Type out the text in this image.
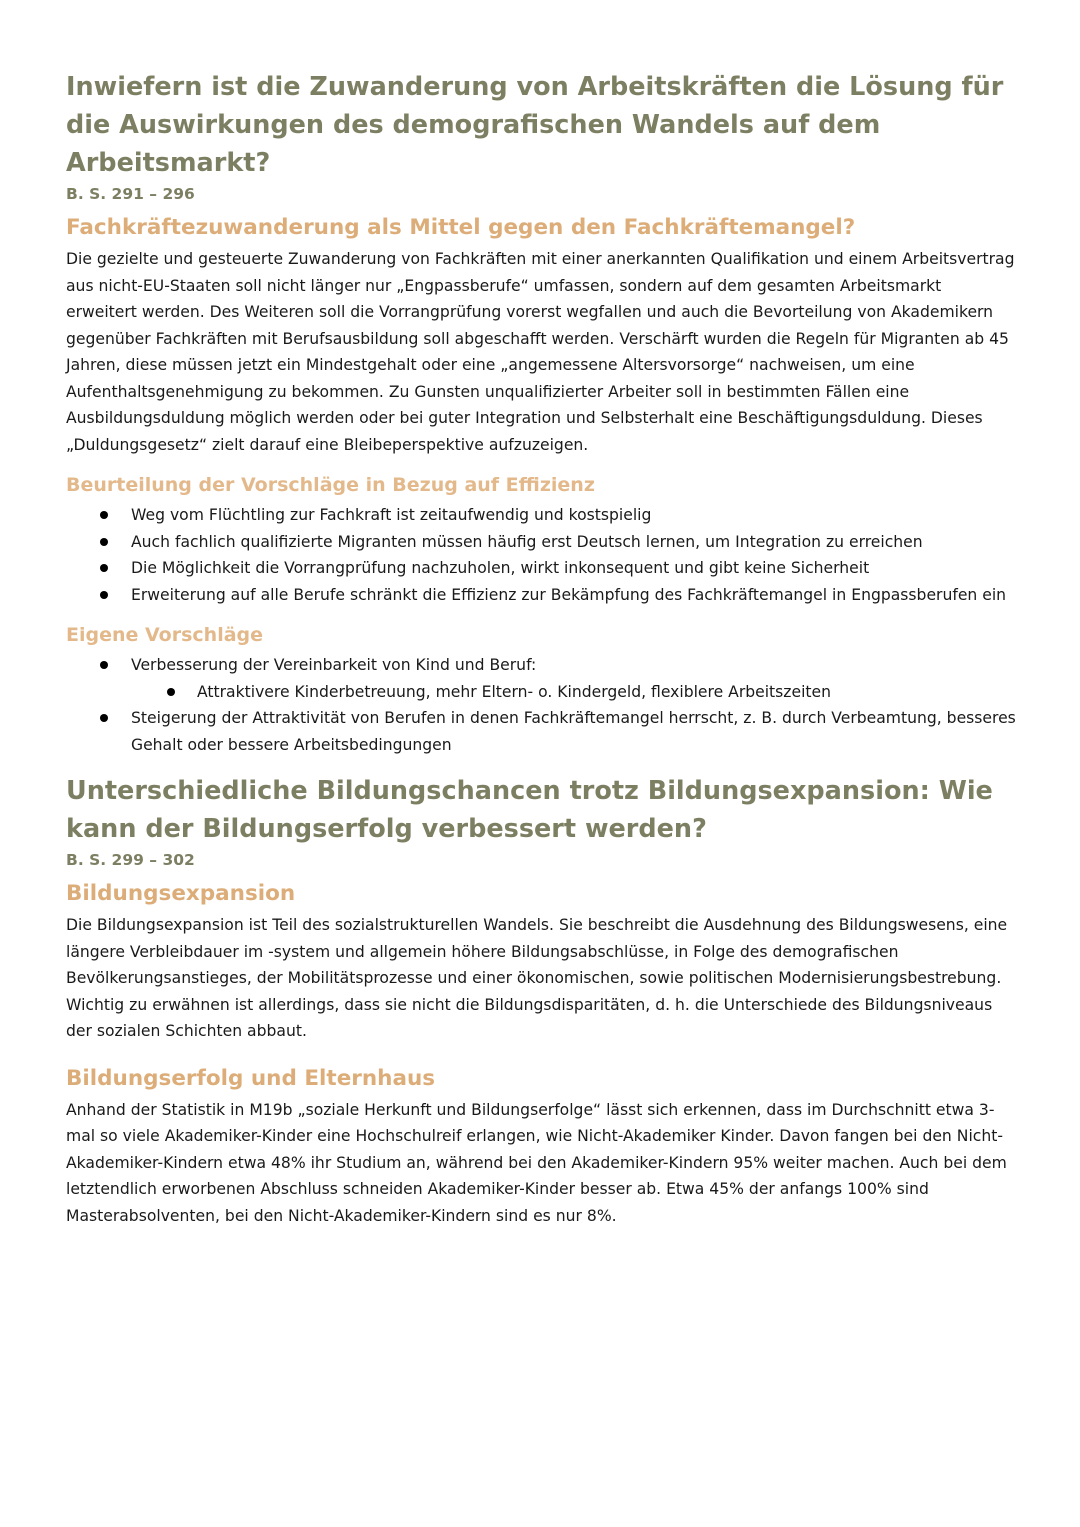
Inwiefern ist die Zuwanderung von Arbeitskräften die Lösung für die Auswirkungen des demografischen Wandels auf dem Arbeitsmarkt?
B. S. 291 – 296
Fachkräftezuwanderung als Mittel gegen den Fachkräftemangel?

Die gezielte und gesteuerte Zuwanderung von Fachkräften mit einer anerkannten Qualifikation und einem Arbeitsvertrag aus nicht-EU-Staaten soll nicht länger nur „Engpassberufe“ umfassen, sondern auf dem gesamten Arbeitsmarkt erweitert werden. Des Weiteren soll die Vorrangprüfung vorerst wegfallen und auch die Bevorteilung von Akademikern gegenüber Fachkräften mit Berufsausbildung soll abgeschafft werden. Verschärft wurden die Regeln für Migranten ab 45 Jahren, diese müssen jetzt ein Mindestgehalt oder eine „angemessene Altersvorsorge“ nachweisen, um eine Aufenthaltsgenehmigung zu bekommen. Zu Gunsten unqualifizierter Arbeiter soll in bestimmten Fällen eine Ausbildungsduldung möglich werden oder bei guter Integration und Selbsterhalt eine Beschäftigungsduldung. Dieses „Duldungsgesetz“ zielt darauf eine Bleibeperspektive aufzuzeigen.

Beurteilung der Vorschläge in Bezug auf Effizienz
Weg vom Flüchtling zur Fachkraft ist zeitaufwendig und kostspielig
Auch fachlich qualifizierte Migranten müssen häufig erst Deutsch lernen, um Integration zu erreichen
Die Möglichkeit die Vorrangprüfung nachzuholen, wirkt inkonsequent und gibt keine Sicherheit
Erweiterung auf alle Berufe schränkt die Effizienz zur Bekämpfung des Fachkräftemangel in Engpassberufen ein
Eigene Vorschläge
Verbesserung der Vereinbarkeit von Kind und Beruf:
Attraktivere Kinderbetreuung, mehr Eltern- o. Kindergeld, flexiblere Arbeitszeiten
Steigerung der Attraktivität von Berufen in denen Fachkräftemangel herrscht, z. B. durch Verbeamtung, besseres Gehalt oder bessere Arbeitsbedingungen
Unterschiedliche Bildungschancen trotz Bildungsexpansion: Wie kann der Bildungserfolg verbessert werden?
B. S. 299 – 302
Bildungsexpansion

Die Bildungsexpansion ist Teil des sozialstrukturellen Wandels. Sie beschreibt die Ausdehnung des Bildungswesens, eine längere Verbleibdauer im -system und allgemein höhere Bildungsabschlüsse, in Folge des demografischen Bevölkerungsanstieges, der Mobilitätsprozesse und einer ökonomischen, sowie politischen Modernisierungsbestrebung. Wichtig zu erwähnen ist allerdings, dass sie nicht die Bildungsdisparitäten, d. h. die Unterschiede des Bildungsniveaus der sozialen Schichten abbaut.

Bildungserfolg und Elternhaus

Anhand der Statistik in M19b „soziale Herkunft und Bildungserfolge“ lässt sich erkennen, dass im Durchschnitt etwa 3-mal so viele Akademiker-Kinder eine Hochschulreif erlangen, wie Nicht-Akademiker Kinder. Davon fangen bei den Nicht-Akademiker-Kindern etwa 48% ihr Studium an, während bei den Akademiker-Kindern 95% weiter machen. Auch bei dem letztendlich erworbenen Abschluss schneiden Akademiker-Kinder besser ab. Etwa 45% der anfangs 100% sind Masterabsolventen, bei den Nicht-Akademiker-Kindern sind es nur 8%.
